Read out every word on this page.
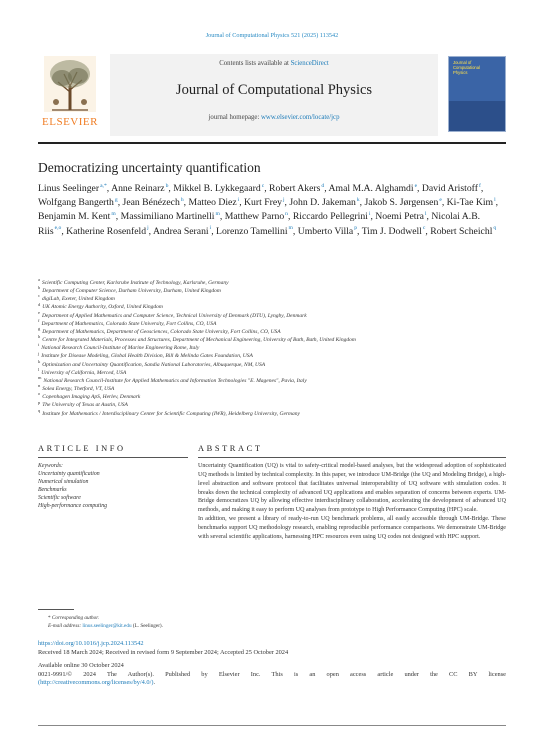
Journal of Computational Physics 521 (2025) 113542
ELSEVIER
Contents lists available at ScienceDirect
Journal of Computational Physics
journal homepage: www.elsevier.com/locate/jcp
Journal of Computational Physics
Democratizing uncertainty quantification
Linus Seelinger$^{a,*}$, Anne Reinarz$^b$, Mikkel B. Lykkegaard$^c$, Robert Akers$^d$, Amal M.A. Alghamdi$^e$, David Aristoff$^f$, Wolfgang Bangerth$^g$, Jean Bénézech$^h$, Matteo Diez$^i$, Kurt Frey$^j$, John D. Jakeman$^k$, Jakob S. Jørgensen$^e$, Ki-Tae Kim$^l$, Benjamin M. Kent$^m$, Massimiliano Martinelli$^m$, Matthew Parno$^n$, Riccardo Pellegrini$^i$, Noemi Petra$^l$, Nicolai A.B. Riis$^{e,o}$, Katherine Rosenfeld$^j$, Andrea Serani$^i$, Lorenzo Tamellini$^m$, Umberto Villa$^p$, Tim J. Dodwell$^c$, Robert Scheichl$^q$
$^a$Scientific Computing Center, Karlsruhe Institute of Technology, Karlsruhe, Germany
$^b$Department of Computer Science, Durham University, Durham, United Kingdom
$^c$digiLab, Exeter, United Kingdom
$^d$UK Atomic Energy Authority, Oxford, United Kingdom
$^e$Department of Applied Mathematics and Computer Science, Technical University of Denmark (DTU), Lyngby, Denmark
$^f$Department of Mathematics, Colorado State University, Fort Collins, CO, USA
$^g$Department of Mathematics, Department of Geosciences, Colorado State University, Fort Collins, CO, USA
$^h$Centre for Integrated Materials, Processes and Structures, Department of Mechanical Engineering, University of Bath, Bath, United Kingdom
$^i$National Research Council-Institute of Marine Engineering Rome, Italy
$^j$Institute for Disease Modeling, Global Health Division, Bill & Melinda Gates Foundation, USA
$^k$Optimization and Uncertainty Quantification, Sandia National Laboratories, Albuquerque, NM, USA
$^l$University of California, Merced, USA
$^m$National Research Council-Institute for Applied Mathematics and Information Technologies "E. Magenes", Pavia, Italy
$^n$Solea Energy, Thetford, VT, USA
$^o$Copenhagen Imaging ApS, Herlev, Denmark
$^p$The University of Texas at Austin, USA
$^q$Institute for Mathematics / Interdisciplinary Center for Scientific Computing (IWR), Heidelberg University, Germany
ARTICLE INFO	ABSTRACT
Keywords:
Uncertainty quantification
Numerical simulation
Benchmarks
Scientific software
High-performance computing

Uncertainty Quantification (UQ) is vital to safety-critical model-based analyses, but the widespread adoption of sophisticated UQ methods is limited by technical complexity. In this paper, we introduce UM-Bridge (the UQ and Modeling Bridge), a high-level abstraction and software protocol that facilitates universal interoperability of UQ software with simulation codes. It breaks down the technical complexity of advanced UQ applications and enables separation of concerns between experts. UM-Bridge democratizes UQ by allowing effective interdisciplinary collaboration, accelerating the development of advanced UQ methods, and making it easy to perform UQ analyses from prototype to High Performance Computing (HPC) scale.

In addition, we present a library of ready-to-run UQ benchmark problems, all easily accessible through UM-Bridge. These benchmarks support UQ methodology research, enabling reproducible performance comparisons. We demonstrate UM-Bridge with several scientific applications, harnessing HPC resources even using UQ codes not designed with HPC support.

* Corresponding author.
E-mail address: linus.seelinger@kit.edu (L. Seelinger).
https://doi.org/10.1016/j.jcp.2024.113542
Received 18 March 2024; Received in revised form 9 September 2024; Accepted 25 October 2024
Available online 30 October 2024
0021-9991/© 2024 The Author(s). Published by Elsevier Inc. This is an open access article under the CC BY license
(http://creativecommons.org/licenses/by/4.0/).
